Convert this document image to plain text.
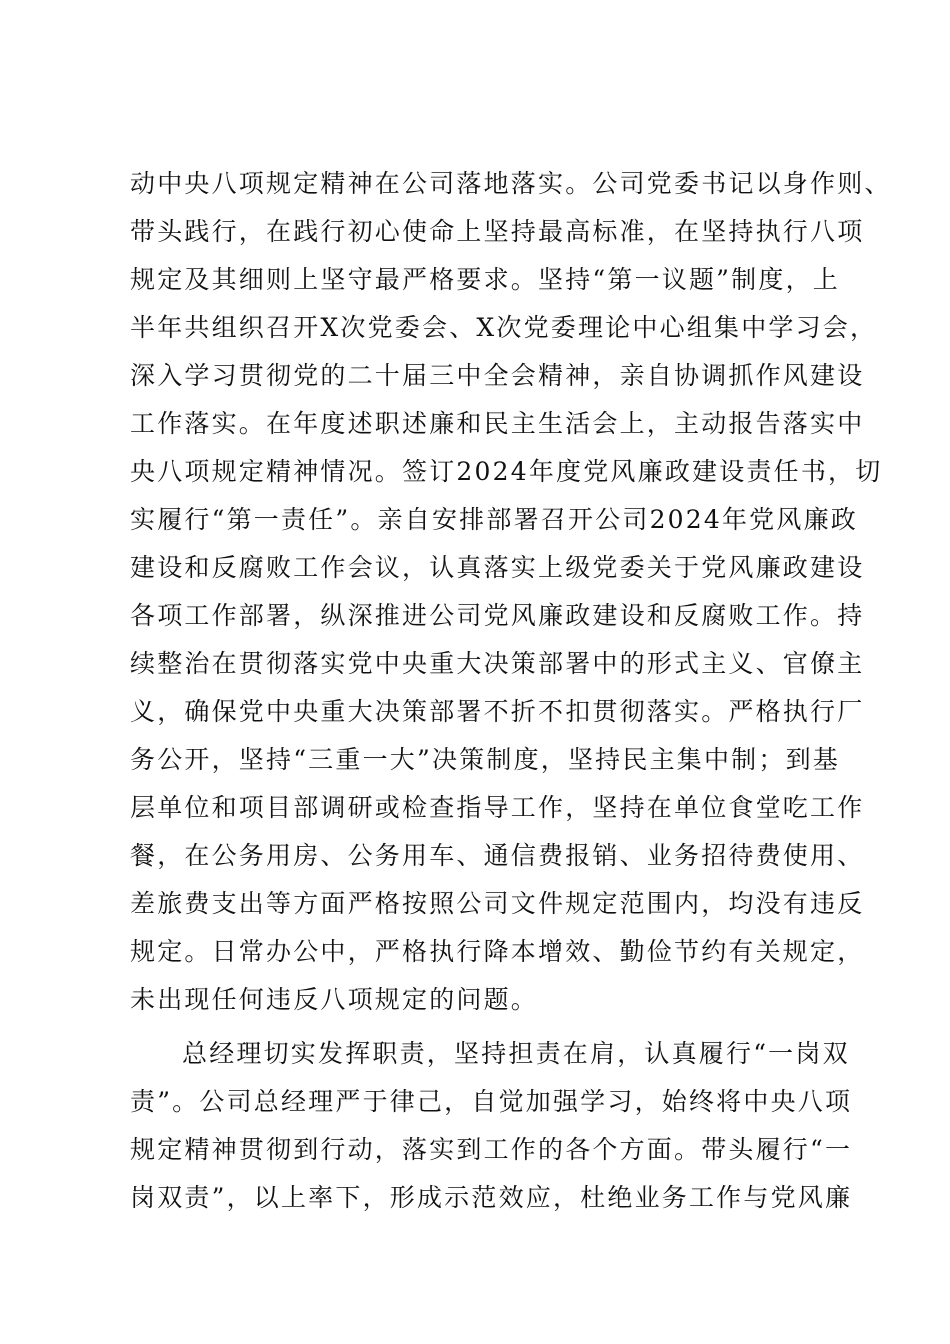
动中央八项规定精神在公司落地落实。公司党委书记以身作则、
带头践行，在践行初心使命上坚持最高标准，在坚持执行八项
规定及其细则上坚守最严格要求。坚持“第一议题”制度，上
半年共组织召开X次党委会、X次党委理论中心组集中学习会，
深入学习贯彻党的二十届三中全会精神，亲自协调抓作风建设
工作落实。在年度述职述廉和民主生活会上，主动报告落实中
央八项规定精神情况。签订2024年度党风廉政建设责任书，切
实履行“第一责任”。亲自安排部署召开公司2024年党风廉政
建设和反腐败工作会议，认真落实上级党委关于党风廉政建设
各项工作部署，纵深推进公司党风廉政建设和反腐败工作。持
续整治在贯彻落实党中央重大决策部署中的形式主义、官僚主
义，确保党中央重大决策部署不折不扣贯彻落实。严格执行厂
务公开，坚持“三重一大”决策制度，坚持民主集中制；到基
层单位和项目部调研或检查指导工作，坚持在单位食堂吃工作
餐，在公务用房、公务用车、通信费报销、业务招待费使用、
差旅费支出等方面严格按照公司文件规定范围内，均没有违反
规定。日常办公中，严格执行降本增效、勤俭节约有关规定，
未出现任何违反八项规定的问题。
总经理切实发挥职责，坚持担责在肩，认真履行“一岗双
责”。公司总经理严于律己，自觉加强学习，始终将中央八项
规定精神贯彻到行动，落实到工作的各个方面。带头履行“一
岗双责”，以上率下，形成示范效应，杜绝业务工作与党风廉
